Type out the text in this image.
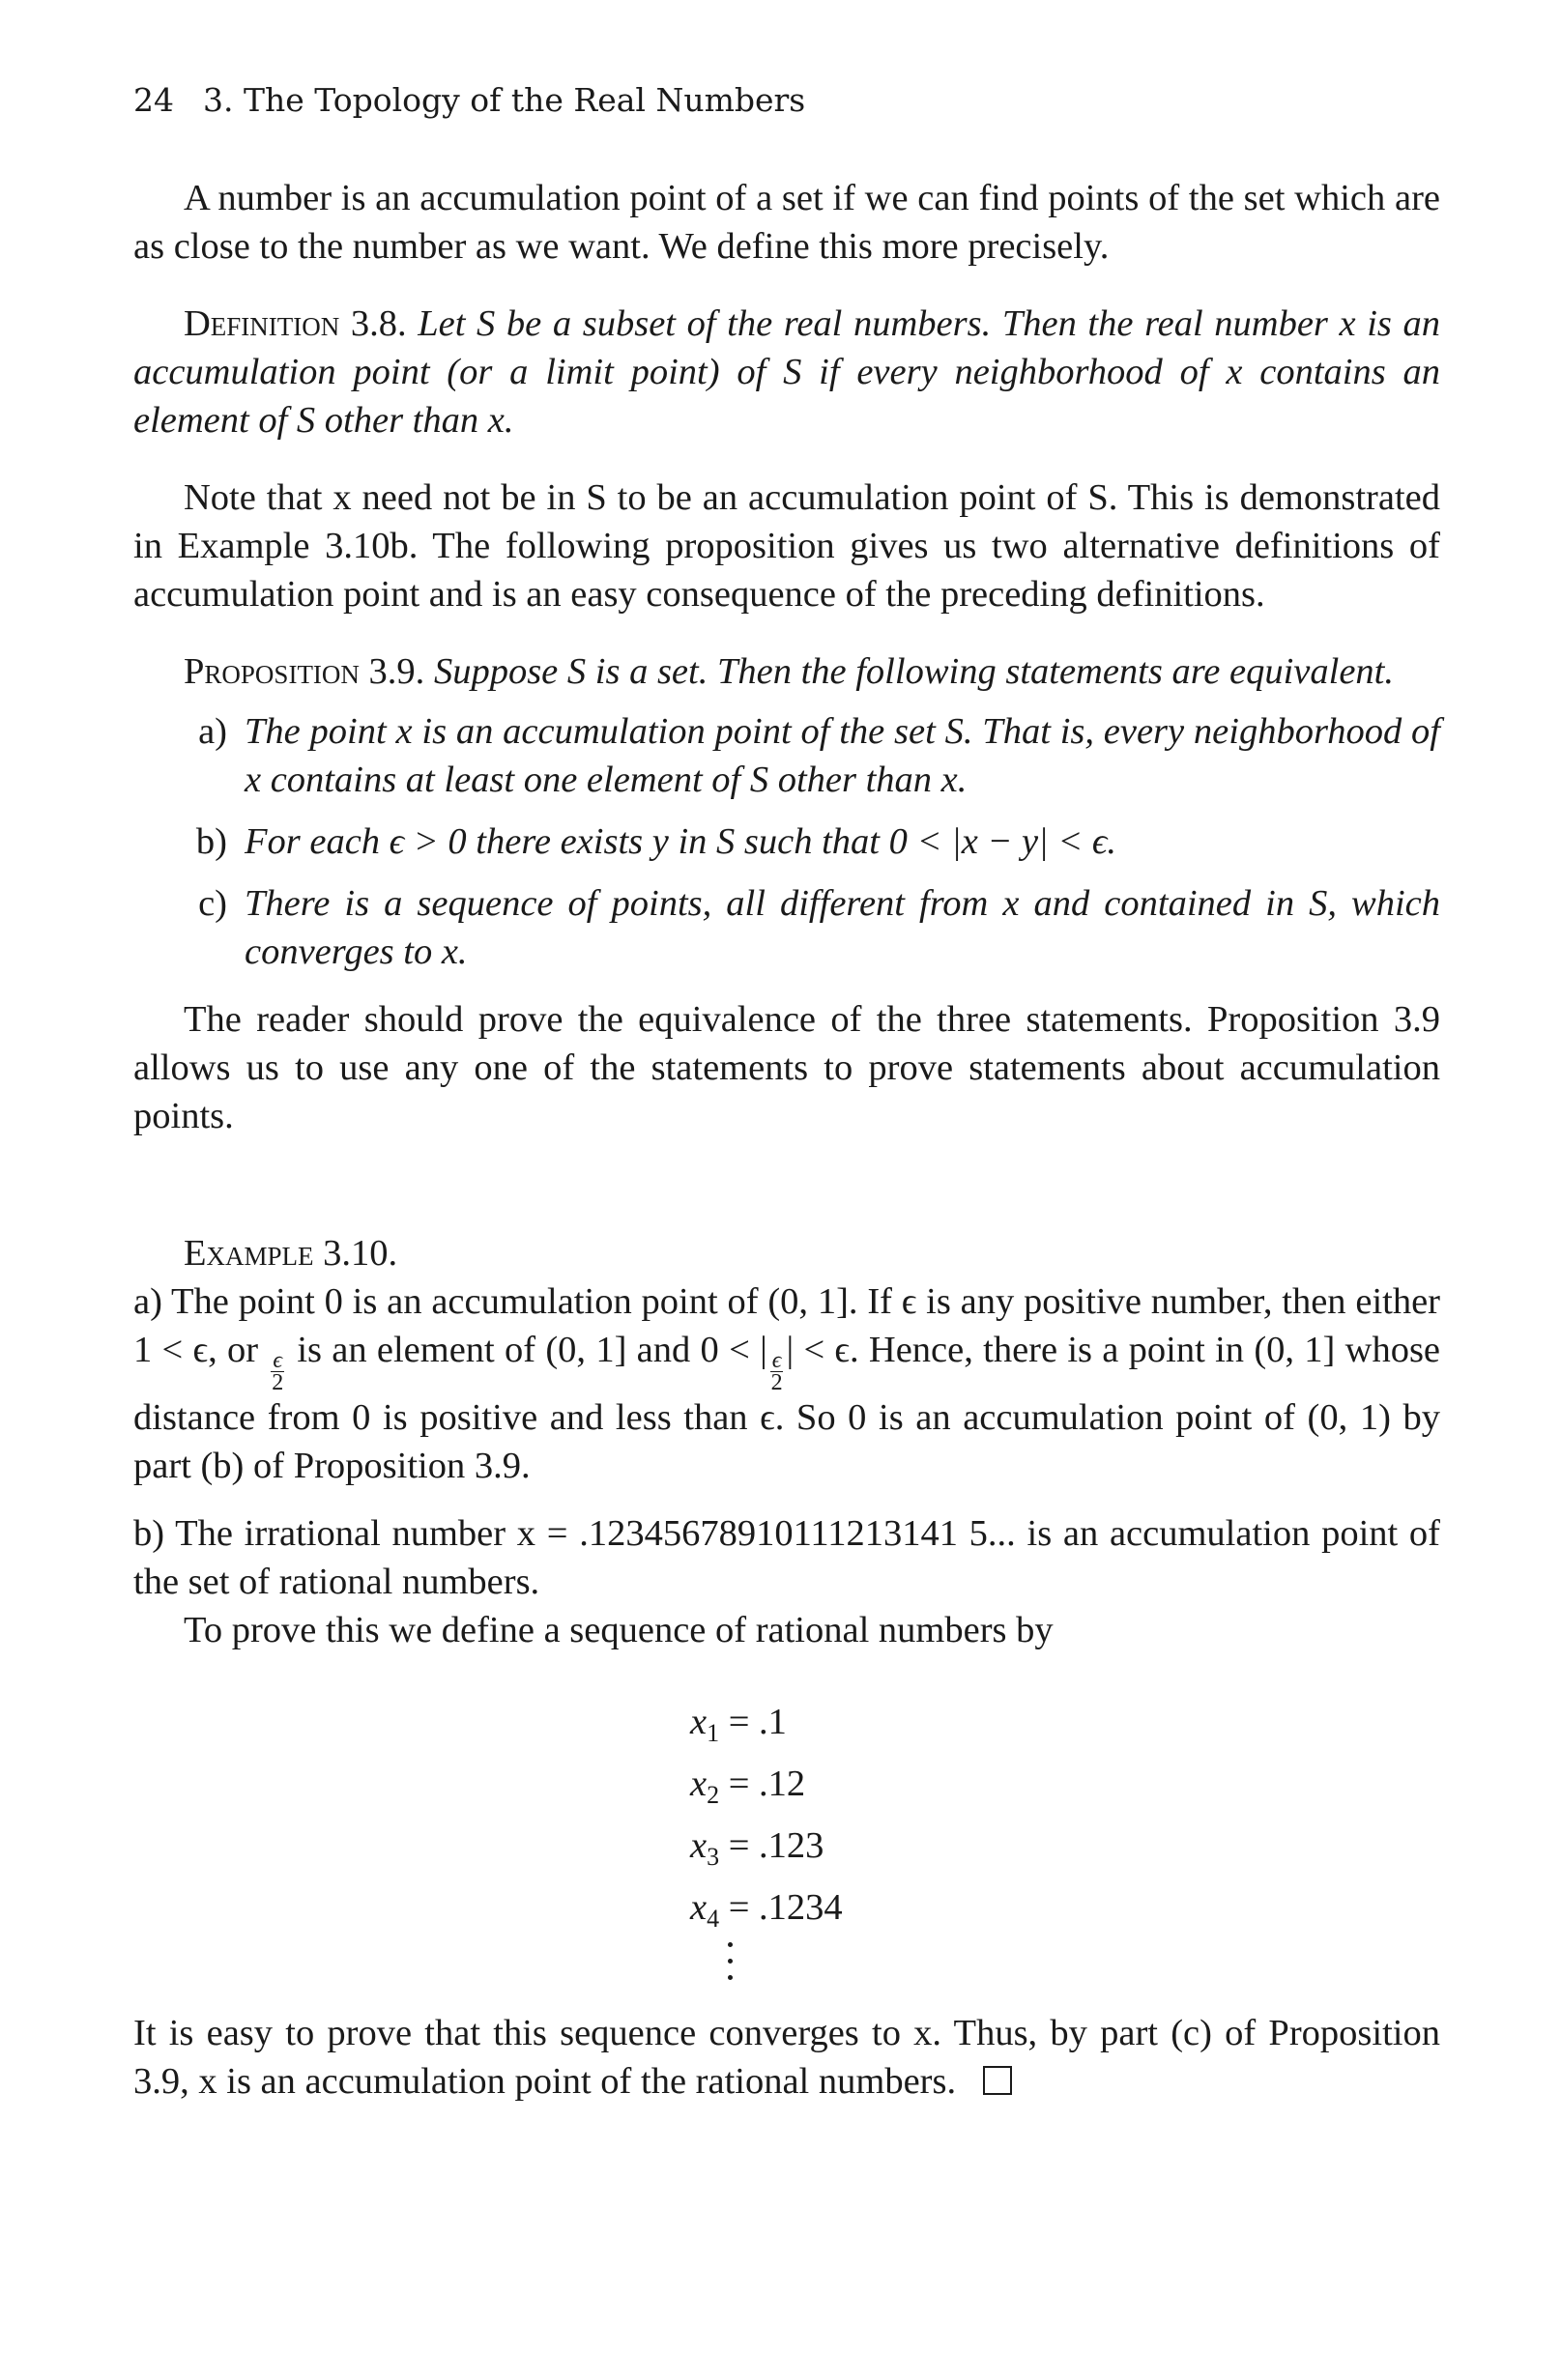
24 3. The Topology of the Real Numbers

A number is an accumulation point of a set if we can find points of the set which are as close to the number as we want. We define this more precisely.

Definition 3.8. Let S be a subset of the real numbers. Then the real number x is an accumulation point (or a limit point) of S if every neighborhood of x contains an element of S other than x.

Note that x need not be in S to be an accumulation point of S. This is demonstrated in Example 3.10b. The following proposition gives us two alternative definitions of accumulation point and is an easy consequence of the preceding definitions.

Proposition 3.9. Suppose S is a set. Then the following statements are equivalent.

a) The point x is an accumulation point of the set S. That is, every neighborhood of x contains at least one element of S other than x.
b) For each ϵ > 0 there exists y in S such that 0 < |x − y| < ϵ.
c) There is a sequence of points, all different from x and contained in S, which converges to x.

The reader should prove the equivalence of the three statements. Proposition 3.9 allows us to use any one of the statements to prove statements about accumulation points.

Example 3.10.

a) The point 0 is an accumulation point of (0, 1]. If ϵ is any positive number, then either 1 < ϵ, or $\frac{\epsilon}{2}$ is an element of (0, 1] and 0 < | $\frac{\epsilon}{2}$ | < ϵ. Hence, there is a point in (0, 1] whose distance from 0 is positive and less than ϵ. So 0 is an accumulation point of (0, 1) by part (b) of Proposition 3.9.

b) The irrational number x = .12345678910111213141 5... is an accumulation point of the set of rational numbers.

To prove this we define a sequence of rational numbers by

$x_1 = .1$
$x_2 = .12$
$x_3 = .123$
$x_4 = .1234$

It is easy to prove that this sequence converges to x. Thus, by part (c) of Proposition 3.9, x is an accumulation point of the rational numbers.
